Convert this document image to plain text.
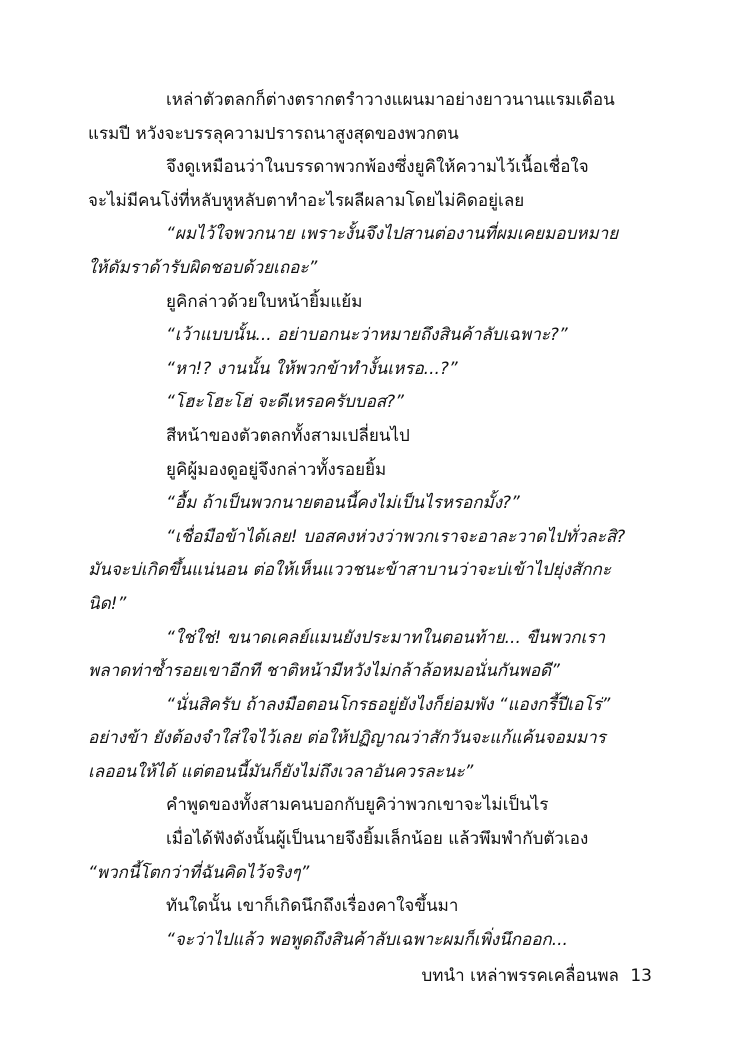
เหล่าตัวตลกก็ต่างตรากตรำวางแผนมาอย่างยาวนานแรมเดือน
แรมปี หวังจะบรรลุความปรารถนาสูงสุดของพวกตน
จึงดูเหมือนว่าในบรรดาพวกพ้องซึ่งยูคิให้ความไว้เนื้อเชื่อใจ
จะไม่มีคนโง่ที่หลับหูหลับตาทำอะไรผลีผลามโดยไม่คิดอยู่เลย
“ผมไว้ใจพวกนาย เพราะงั้นจึงไปสานต่องานที่ผมเคยมอบหมาย
ให้ดัมราด้ารับผิดชอบด้วยเถอะ”
ยูคิกล่าวด้วยใบหน้ายิ้มแย้ม
“เว้าแบบนั้น... อย่าบอกนะว่าหมายถึงสินค้าลับเฉพาะ?”
“หา!? งานนั้น ให้พวกข้าทำงั้นเหรอ...?”
“โฮะโฮะโฮ่ จะดีเหรอครับบอส?”
สีหน้าของตัวตลกทั้งสามเปลี่ยนไป
ยูคิผู้มองดูอยู่จึงกล่าวทั้งรอยยิ้ม
“อื้ม ถ้าเป็นพวกนายตอนนี้คงไม่เป็นไรหรอกมั้ง?”
“เชื่อมือข้าได้เลย! บอสคงห่วงว่าพวกเราจะอาละวาดไปทั่วละสิ?
มันจะบ่เกิดขึ้นแน่นอน ต่อให้เห็นแววชนะข้าสาบานว่าจะบ่เข้าไปยุ่งสักกะ
นิด!”
“ใช่ใช่! ขนาดเคลย์แมนยังประมาทในตอนท้าย... ขืนพวกเรา
พลาดท่าซ้ำรอยเขาอีกที ชาติหน้ามีหวังไม่กล้าล้อหมอนั่นกันพอดี”
“นั่นสิครับ ถ้าลงมือตอนโกรธอยู่ยังไงก็ย่อมพัง “แองกรี้ปีเอโร่”
อย่างข้า ยังต้องจำใส่ใจไว้เลย ต่อให้ปฏิญาณว่าสักวันจะแก้แค้นจอมมาร
เลออนให้ได้ แต่ตอนนี้มันก็ยังไม่ถึงเวลาอันควรละนะ”
คำพูดของทั้งสามคนบอกกับยูคิว่าพวกเขาจะไม่เป็นไร
เมื่อได้ฟังดังนั้นผู้เป็นนายจึงยิ้มเล็กน้อย แล้วพึมพำกับตัวเอง
“พวกนี้โตกว่าที่ฉันคิดไว้จริงๆ”
ทันใดนั้น เขาก็เกิดนึกถึงเรื่องคาใจขึ้นมา
“จะว่าไปแล้ว พอพูดถึงสินค้าลับเฉพาะผมก็เพิ่งนึกออก...
บทนำ เหล่าพรรคเคลื่อนพล 13
